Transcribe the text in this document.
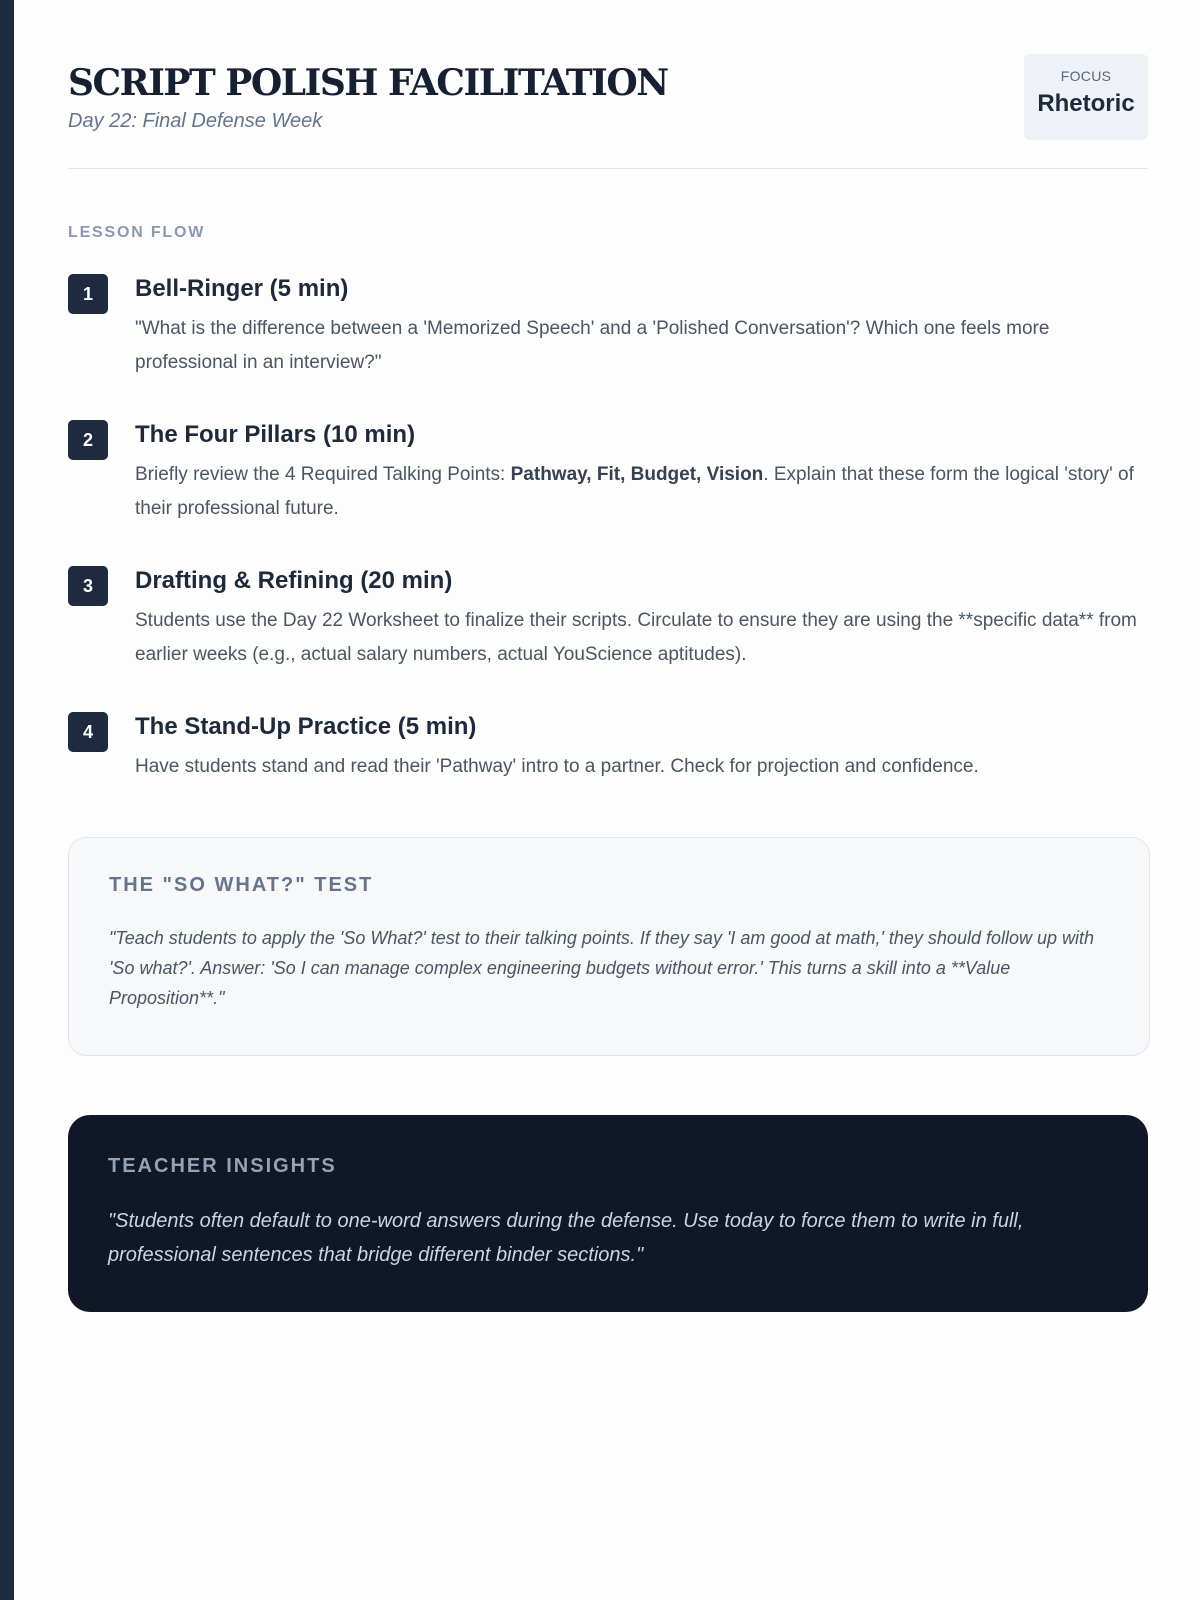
SCRIPT POLISH FACILITATION
Day 22: Final Defense Week
FOCUS
Rhetoric
LESSON FLOW
1	Bell-Ringer (5 min)

"What is the difference between a 'Memorized Speech' and a 'Polished Conversation'? Which one feels more professional in an interview?"

2	The Four Pillars (10 min)

Briefly review the 4 Required Talking Points: Pathway, Fit, Budget, Vision. Explain that these form the logical 'story' of their professional future.

3	Drafting & Refining (20 min)

Students use the Day 22 Worksheet to finalize their scripts. Circulate to ensure they are using the **specific data** from earlier weeks (e.g., actual salary numbers, actual YouScience aptitudes).

4	The Stand-Up Practice (5 min)

Have students stand and read their 'Pathway' intro to a partner. Check for projection and confidence.

THE "SO WHAT?" TEST

"Teach students to apply the 'So What?' test to their talking points. If they say 'I am good at math,' they should follow up with 'So what?'. Answer: 'So I can manage complex engineering budgets without error.' This turns a skill into a **Value Proposition**."

TEACHER INSIGHTS

"Students often default to one-word answers during the defense. Use today to force them to write in full, professional sentences that bridge different binder sections."
